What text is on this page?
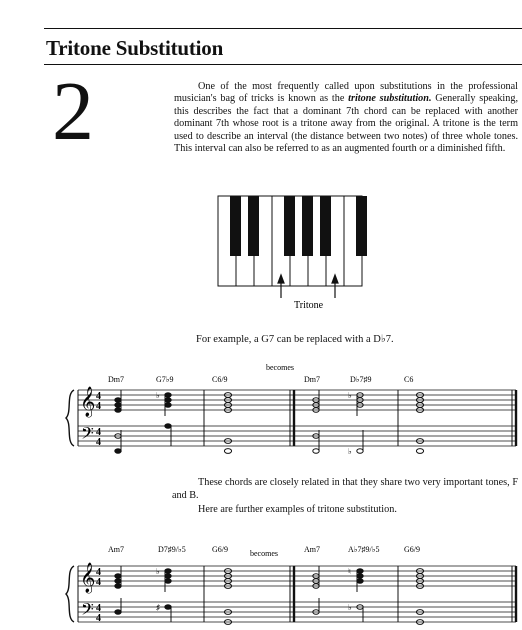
Tritone Substitution
2	One of the most frequently called upon substitutions in the professional musician's bag of tricks is known as the tritone substitution. Generally speaking, this describes the fact that a dominant 7th chord can be replaced with another dominant 7th whose root is a tritone away from the original. A tritone is the term used to describe an interval (the distance between two notes) of three whole tones. This interval can also be referred to as an augmented fourth or a diminished fifth.

Tritone

For example, a G7 can be replaced with a D♭7.

becomes
Dm7	G7♭9	C6/9	Dm7	D♭7♯9	C6
𝄞
𝄢
4
4
4
4
♭	♭
♭

These chords are closely related in that they share two very important tones, F and B.

Here are further examples of tritone substitution.

Am7	D7♯9/♭5	G6/9	becomes	Am7	A♭7♯9/♭5	G6/9
𝄞
𝄢
4
4
4
4
♭
♯
♮
♭
